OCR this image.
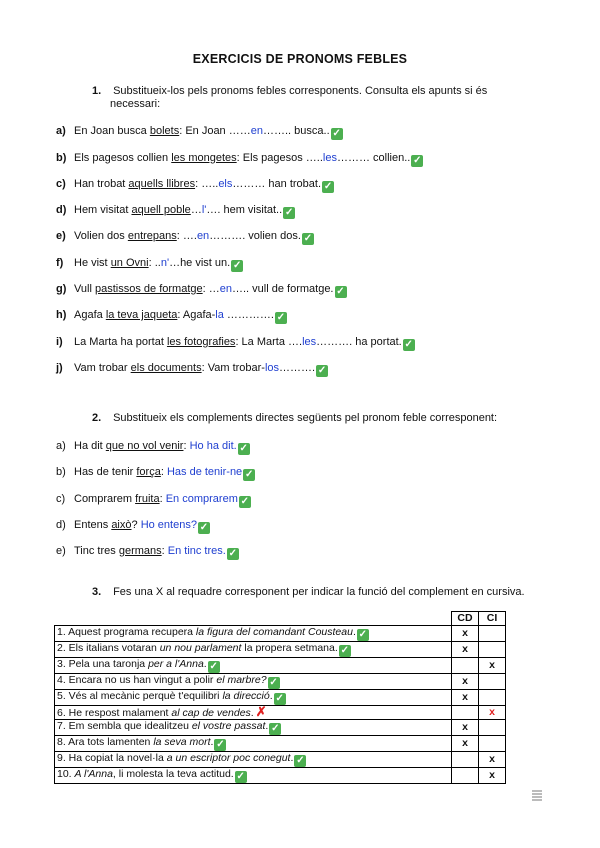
EXERCICIS DE PRONOMS FEBLES
1. Substitueix-los pels pronoms febles corresponents. Consulta els apunts si és
necessari:
a) En Joan busca bolets: En Joan ……en…….. busca.. ✓
b) Els pagesos collien les mongetes: Els pagesos …..les……… collien.. ✓
c) Han trobat aquells llibres: …..els……… han trobat. ✓
d) Hem visitat aquell poble…l'…. hem visitat.. ✓
e) Volien dos entrepans: ….en………. volien dos. ✓
f) He vist un Ovni: ..n'…he vist un. ✓
g) Vull pastissos de formatge: …en….. vull de formatge. ✓
h) Agafa la teva jaqueta: Agafa-la …………. ✓
i) La Marta ha portat les fotografies: La Marta ….les………. ha portat. ✓
j) Vam trobar els documents: Vam trobar-los………. ✓
2. Substitueix els complements directes següents pel pronom feble corresponent:
a) Ha dit que no vol venir: Ho ha dit. ✓
b) Has de tenir força: Has de tenir-ne ✓
c) Comprarem fruita: En comprarem ✓
d) Entens això? Ho entens? ✓
e) Tinc tres germans: En tinc tres. ✓
3. Fes una X al requadre corresponent per indicar la funció del complement en cursiva.
	CD	CI
1. Aquest programa recupera la figura del comandant Cousteau. ✓	x	
2. Els italians votaran un nou parlament la propera setmana. ✓	x	
3. Pela una taronja per a l'Anna. ✓		x
4. Encara no us han vingut a polir el marbre? ✓	x	
5. Vés al mecànic perquè t'equilibri la direcció. ✓	x	
6. He respost malament al cap de vendes. ✗		x
7. Em sembla que idealitzeu el vostre passat. ✓	x	
8. Ara tots lamenten la seva mort. ✓	x	
9. Ha copiat la novel·la a un escriptor poc conegut. ✓		x
10. A l'Anna, li molesta la teva actitud. ✓		x
